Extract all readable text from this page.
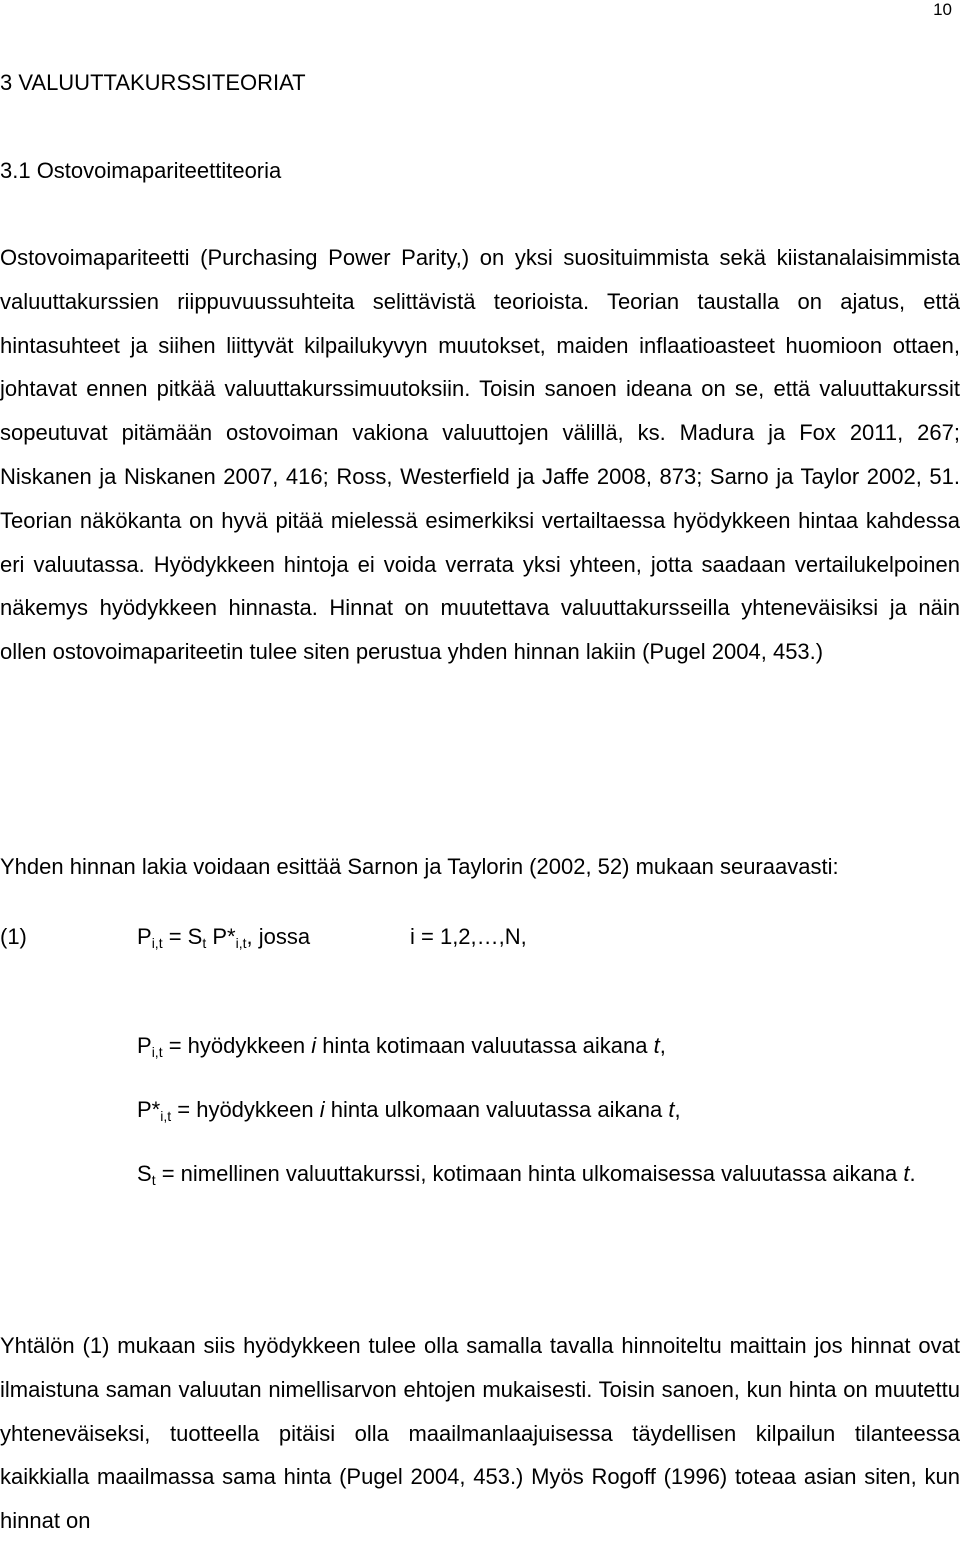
10
3 VALUUTTAKURSSITEORIAT
3.1 Ostovoimapariteettiteoria

Ostovoimapariteetti (Purchasing Power Parity,) on yksi suosituimmista sekä kiistanalaisimmista valuuttakurssien riippuvuussuhteita selittävistä teorioista. Teorian taustalla on ajatus, että hintasuhteet ja siihen liittyvät kilpailukyvyn muutokset, maiden inflaatioasteet huomioon ottaen, johtavat ennen pitkää valuuttakurssimuutoksiin. Toisin sanoen ideana on se, että valuuttakurssit sopeutuvat pitämään ostovoiman vakiona valuuttojen välillä, ks. Madura ja Fox 2011, 267; Niskanen ja Niskanen 2007, 416; Ross, Westerfield ja Jaffe 2008, 873; Sarno ja Taylor 2002, 51. Teorian näkökanta on hyvä pitää mielessä esimerkiksi vertailtaessa hyödykkeen hintaa kahdessa eri valuutassa. Hyödykkeen hintoja ei voida verrata yksi yhteen, jotta saadaan vertailukelpoinen näkemys hyödykkeen hinnasta. Hinnat on muutettava valuuttakursseilla yhteneväisiksi ja näin ollen ostovoimapariteetin tulee siten perustua yhden hinnan lakiin (Pugel 2004, 453.)

Yhden hinnan lakia voidaan esittää Sarnon ja Taylorin (2002, 52) mukaan seuraavasti:
(1)	$P_{i,t} = S_t$ $P*_{i,t}$, jossa	i = 1,2,…,N,
$P_{i,t}$ = hyödykkeen i hinta kotimaan valuutassa aikana t,
$P*_{i,t}$ = hyödykkeen i hinta ulkomaan valuutassa aikana t,
$S_t$ = nimellinen valuuttakurssi, kotimaan hinta ulkomaisessa valuutassa aikana t.

Yhtälön (1) mukaan siis hyödykkeen tulee olla samalla tavalla hinnoiteltu maittain jos hinnat ovat ilmaistuna saman valuutan nimellisarvon ehtojen mukaisesti. Toisin sanoen, kun hinta on muutettu yhteneväiseksi, tuotteella pitäisi olla maailmanlaajuisessa täydellisen kilpailun tilanteessa kaikkialla maailmassa sama hinta (Pugel 2004, 453.) Myös Rogoff (1996) toteaa asian siten, kun hinnat on
